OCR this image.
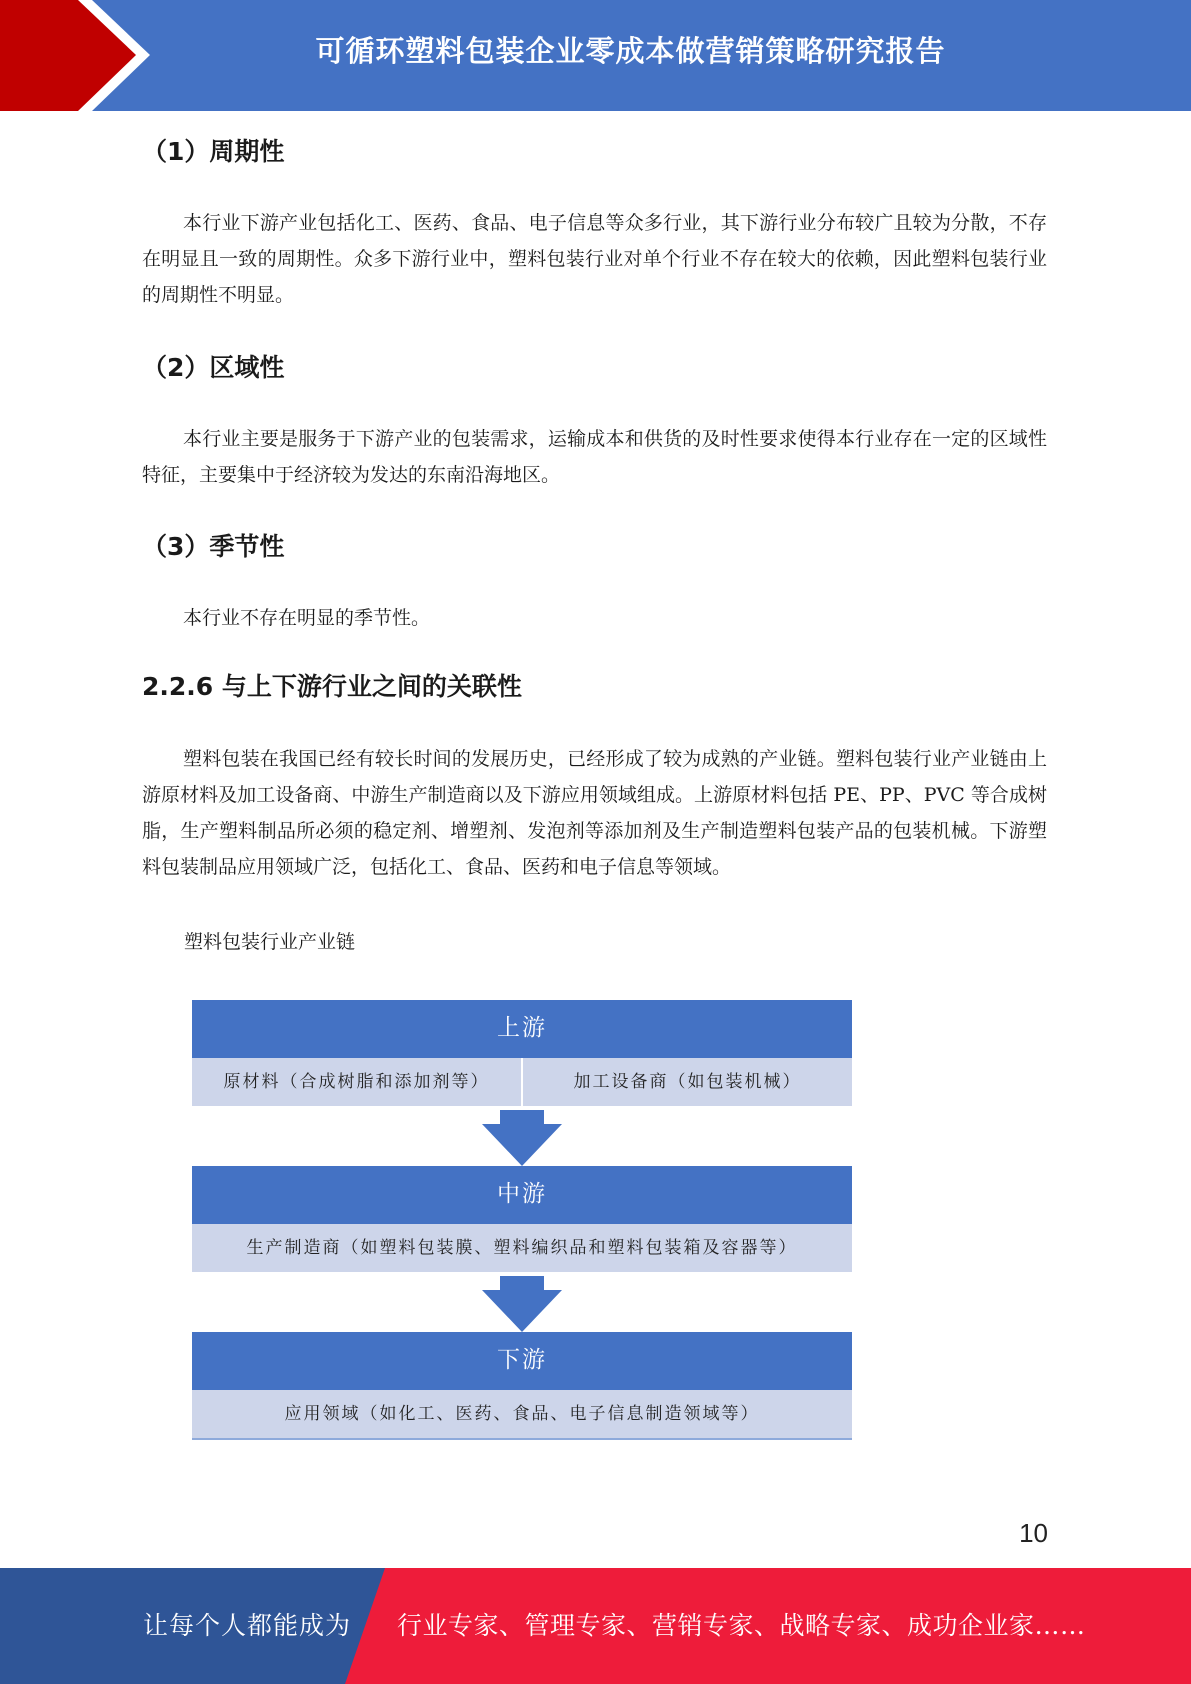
可循环塑料包装企业零成本做营销策略研究报告
（1）周期性

本行业下游产业包括化工、医药、食品、电子信息等众多行业，其下游行业分布较广且较为分散，不存在明显且一致的周期性。众多下游行业中，塑料包装行业对单个行业不存在较大的依赖，因此塑料包装行业的周期性不明显。

（2）区域性

本行业主要是服务于下游产业的包装需求，运输成本和供货的及时性要求使得本行业存在一定的区域性特征，主要集中于经济较为发达的东南沿海地区。

（3）季节性

本行业不存在明显的季节性。

2.2.6 与上下游行业之间的关联性

塑料包装在我国已经有较长时间的发展历史，已经形成了较为成熟的产业链。塑料包装行业产业链由上游原材料及加工设备商、中游生产制造商以及下游应用领域组成。上游原材料包括 PE、PP、PVC 等合成树脂，生产塑料制品所必须的稳定剂、增塑剂、发泡剂等添加剂及生产制造塑料包装产品的包装机械。下游塑料包装制品应用领域广泛，包括化工、食品、医药和电子信息等领域。

塑料包装行业产业链

上游
原材料（合成树脂和添加剂等）	加工设备商（如包装机械）
中游
生产制造商（如塑料包装膜、塑料编织品和塑料包装箱及容器等）
下游
应用领域（如化工、医药、食品、电子信息制造领域等）
10
让每个人都能成为 行业专家、管理专家、营销专家、战略专家、成功企业家……
